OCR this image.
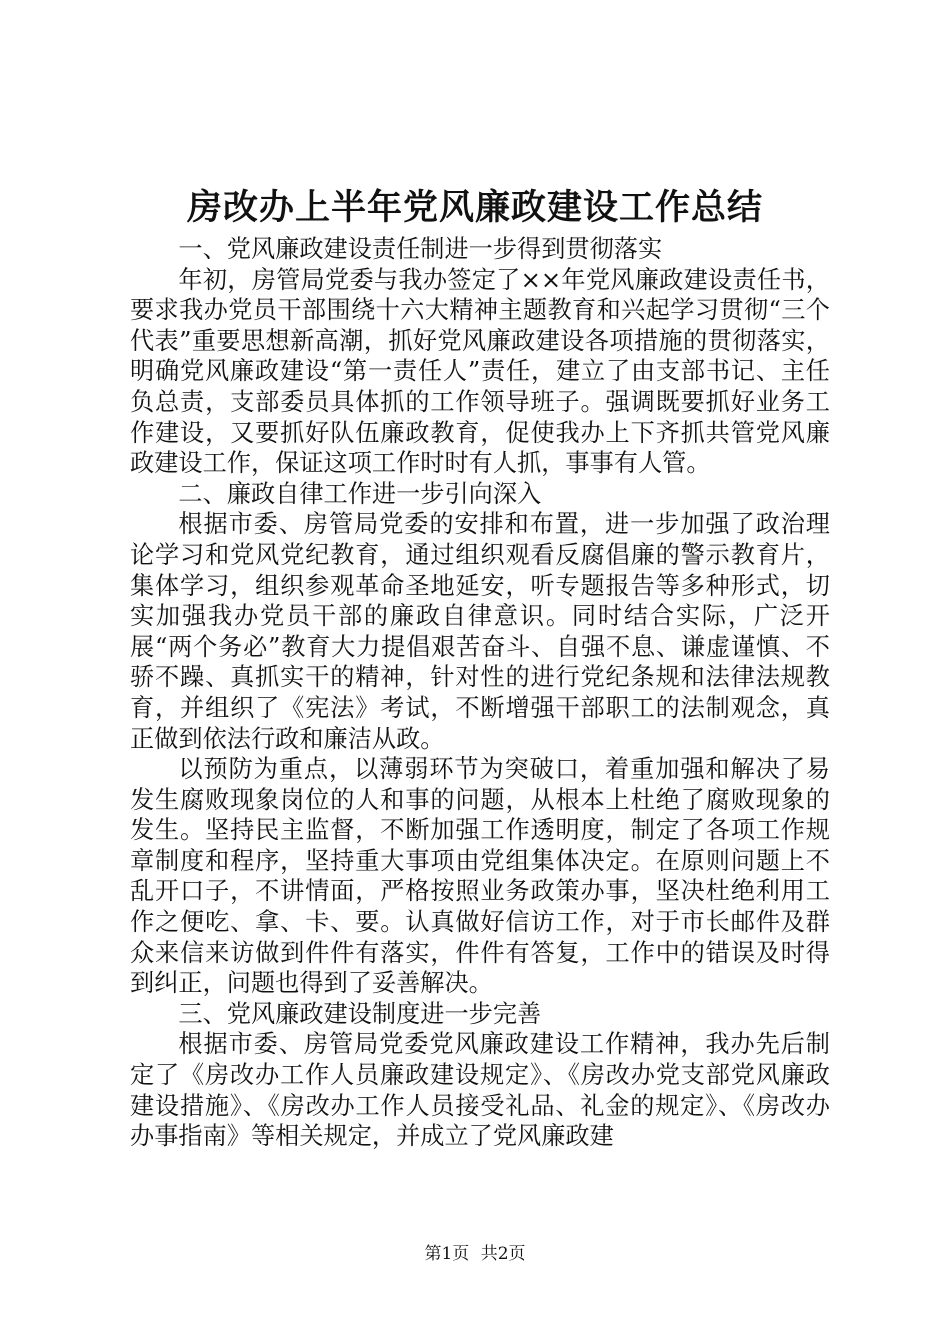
房改办上半年党风廉政建设工作总结

一、党风廉政建设责任制进一步得到贯彻落实

年初，房管局党委与我办签定了××年党风廉政建设责任书，要求我办党员干部围绕十六大精神主题教育和兴起学习贯彻“三个代表”重要思想新高潮，抓好党风廉政建设各项措施的贯彻落实，明确党风廉政建设“第一责任人”责任，建立了由支部书记、主任负总责，支部委员具体抓的工作领导班子。强调既要抓好业务工作建设，又要抓好队伍廉政教育，促使我办上下齐抓共管党风廉政建设工作，保证这项工作时时有人抓，事事有人管。

二、廉政自律工作进一步引向深入

根据市委、房管局党委的安排和布置，进一步加强了政治理论学习和党风党纪教育，通过组织观看反腐倡廉的警示教育片，集体学习，组织参观革命圣地延安，听专题报告等多种形式，切实加强我办党员干部的廉政自律意识。同时结合实际，广泛开展“两个务必”教育大力提倡艰苦奋斗、自强不息、谦虚谨慎、不骄不躁、真抓实干的精神，针对性的进行党纪条规和法律法规教育，并组织了《宪法》考试，不断增强干部职工的法制观念，真正做到依法行政和廉洁从政。

以预防为重点，以薄弱环节为突破口，着重加强和解决了易发生腐败现象岗位的人和事的问题，从根本上杜绝了腐败现象的发生。坚持民主监督，不断加强工作透明度，制定了各项工作规章制度和程序，坚持重大事项由党组集体决定。在原则问题上不乱开口子，不讲情面，严格按照业务政策办事，坚决杜绝利用工作之便吃、拿、卡、要。认真做好信访工作，对于市长邮件及群众来信来访做到件件有落实，件件有答复，工作中的错误及时得到纠正，问题也得到了妥善解决。

三、党风廉政建设制度进一步完善

根据市委、房管局党委党风廉政建设工作精神，我办先后制定了《房改办工作人员廉政建设规定》、《房改办党支部党风廉政建设措施》、《房改办工作人员接受礼品、礼金的规定》、《房改办办事指南》等相关规定，并成立了党风廉政建

第1页 共2页
